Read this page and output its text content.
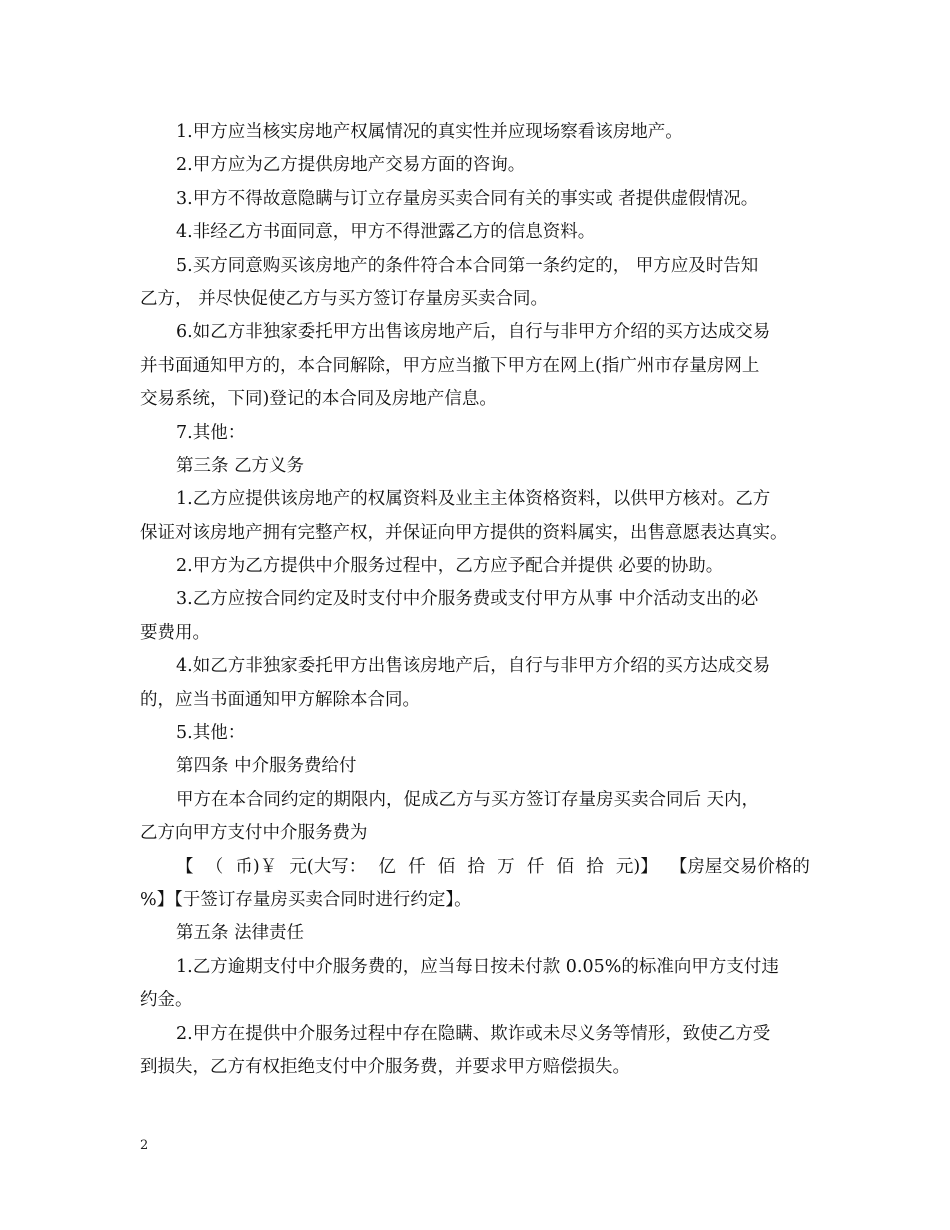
1.甲方应当核实房地产权属情况的真实性并应现场察看该房地产。
2.甲方应为乙方提供房地产交易方面的咨询。
3.甲方不得故意隐瞒与订立存量房买卖合同有关的事实或 者提供虚假情况。
4.非经乙方书面同意，甲方不得泄露乙方的信息资料。
5.买方同意购买该房地产的条件符合本合同第一条约定的， 甲方应及时告知
乙方， 并尽快促使乙方与买方签订存量房买卖合同。
6.如乙方非独家委托甲方出售该房地产后，自行与非甲方介绍的买方达成交易
并书面通知甲方的，本合同解除，甲方应当撤下甲方在网上(指广州市存量房网上
交易系统，下同)登记的本合同及房地产信息。
7.其他：
第三条 乙方义务
1.乙方应提供该房地产的权属资料及业主主体资格资料，以供甲方核对。乙方
保证对该房地产拥有完整产权，并保证向甲方提供的资料属实，出售意愿表达真实。
2.甲方为乙方提供中介服务过程中，乙方应予配合并提供 必要的协助。
3.乙方应按合同约定及时支付中介服务费或支付甲方从事 中介活动支出的必
要费用。
4.如乙方非独家委托甲方出售该房地产后，自行与非甲方介绍的买方达成交易
的，应当书面通知甲方解除本合同。
5.其他：
第四条 中介服务费给付
甲方在本合同约定的期限内，促成乙方与买方签订存量房买卖合同后 天内，
乙方向甲方支付中介服务费为
【 （ 币)￥ 元(大写： 亿 仟 佰 拾 万 仟 佰 拾 元)】 【房屋交易价格的
%】【于签订存量房买卖合同时进行约定】。
第五条 法律责任
1.乙方逾期支付中介服务费的，应当每日按未付款 0.05%的标准向甲方支付违
约金。
2.甲方在提供中介服务过程中存在隐瞒、欺诈或未尽义务等情形，致使乙方受
到损失，乙方有权拒绝支付中介服务费，并要求甲方赔偿损失。
2
